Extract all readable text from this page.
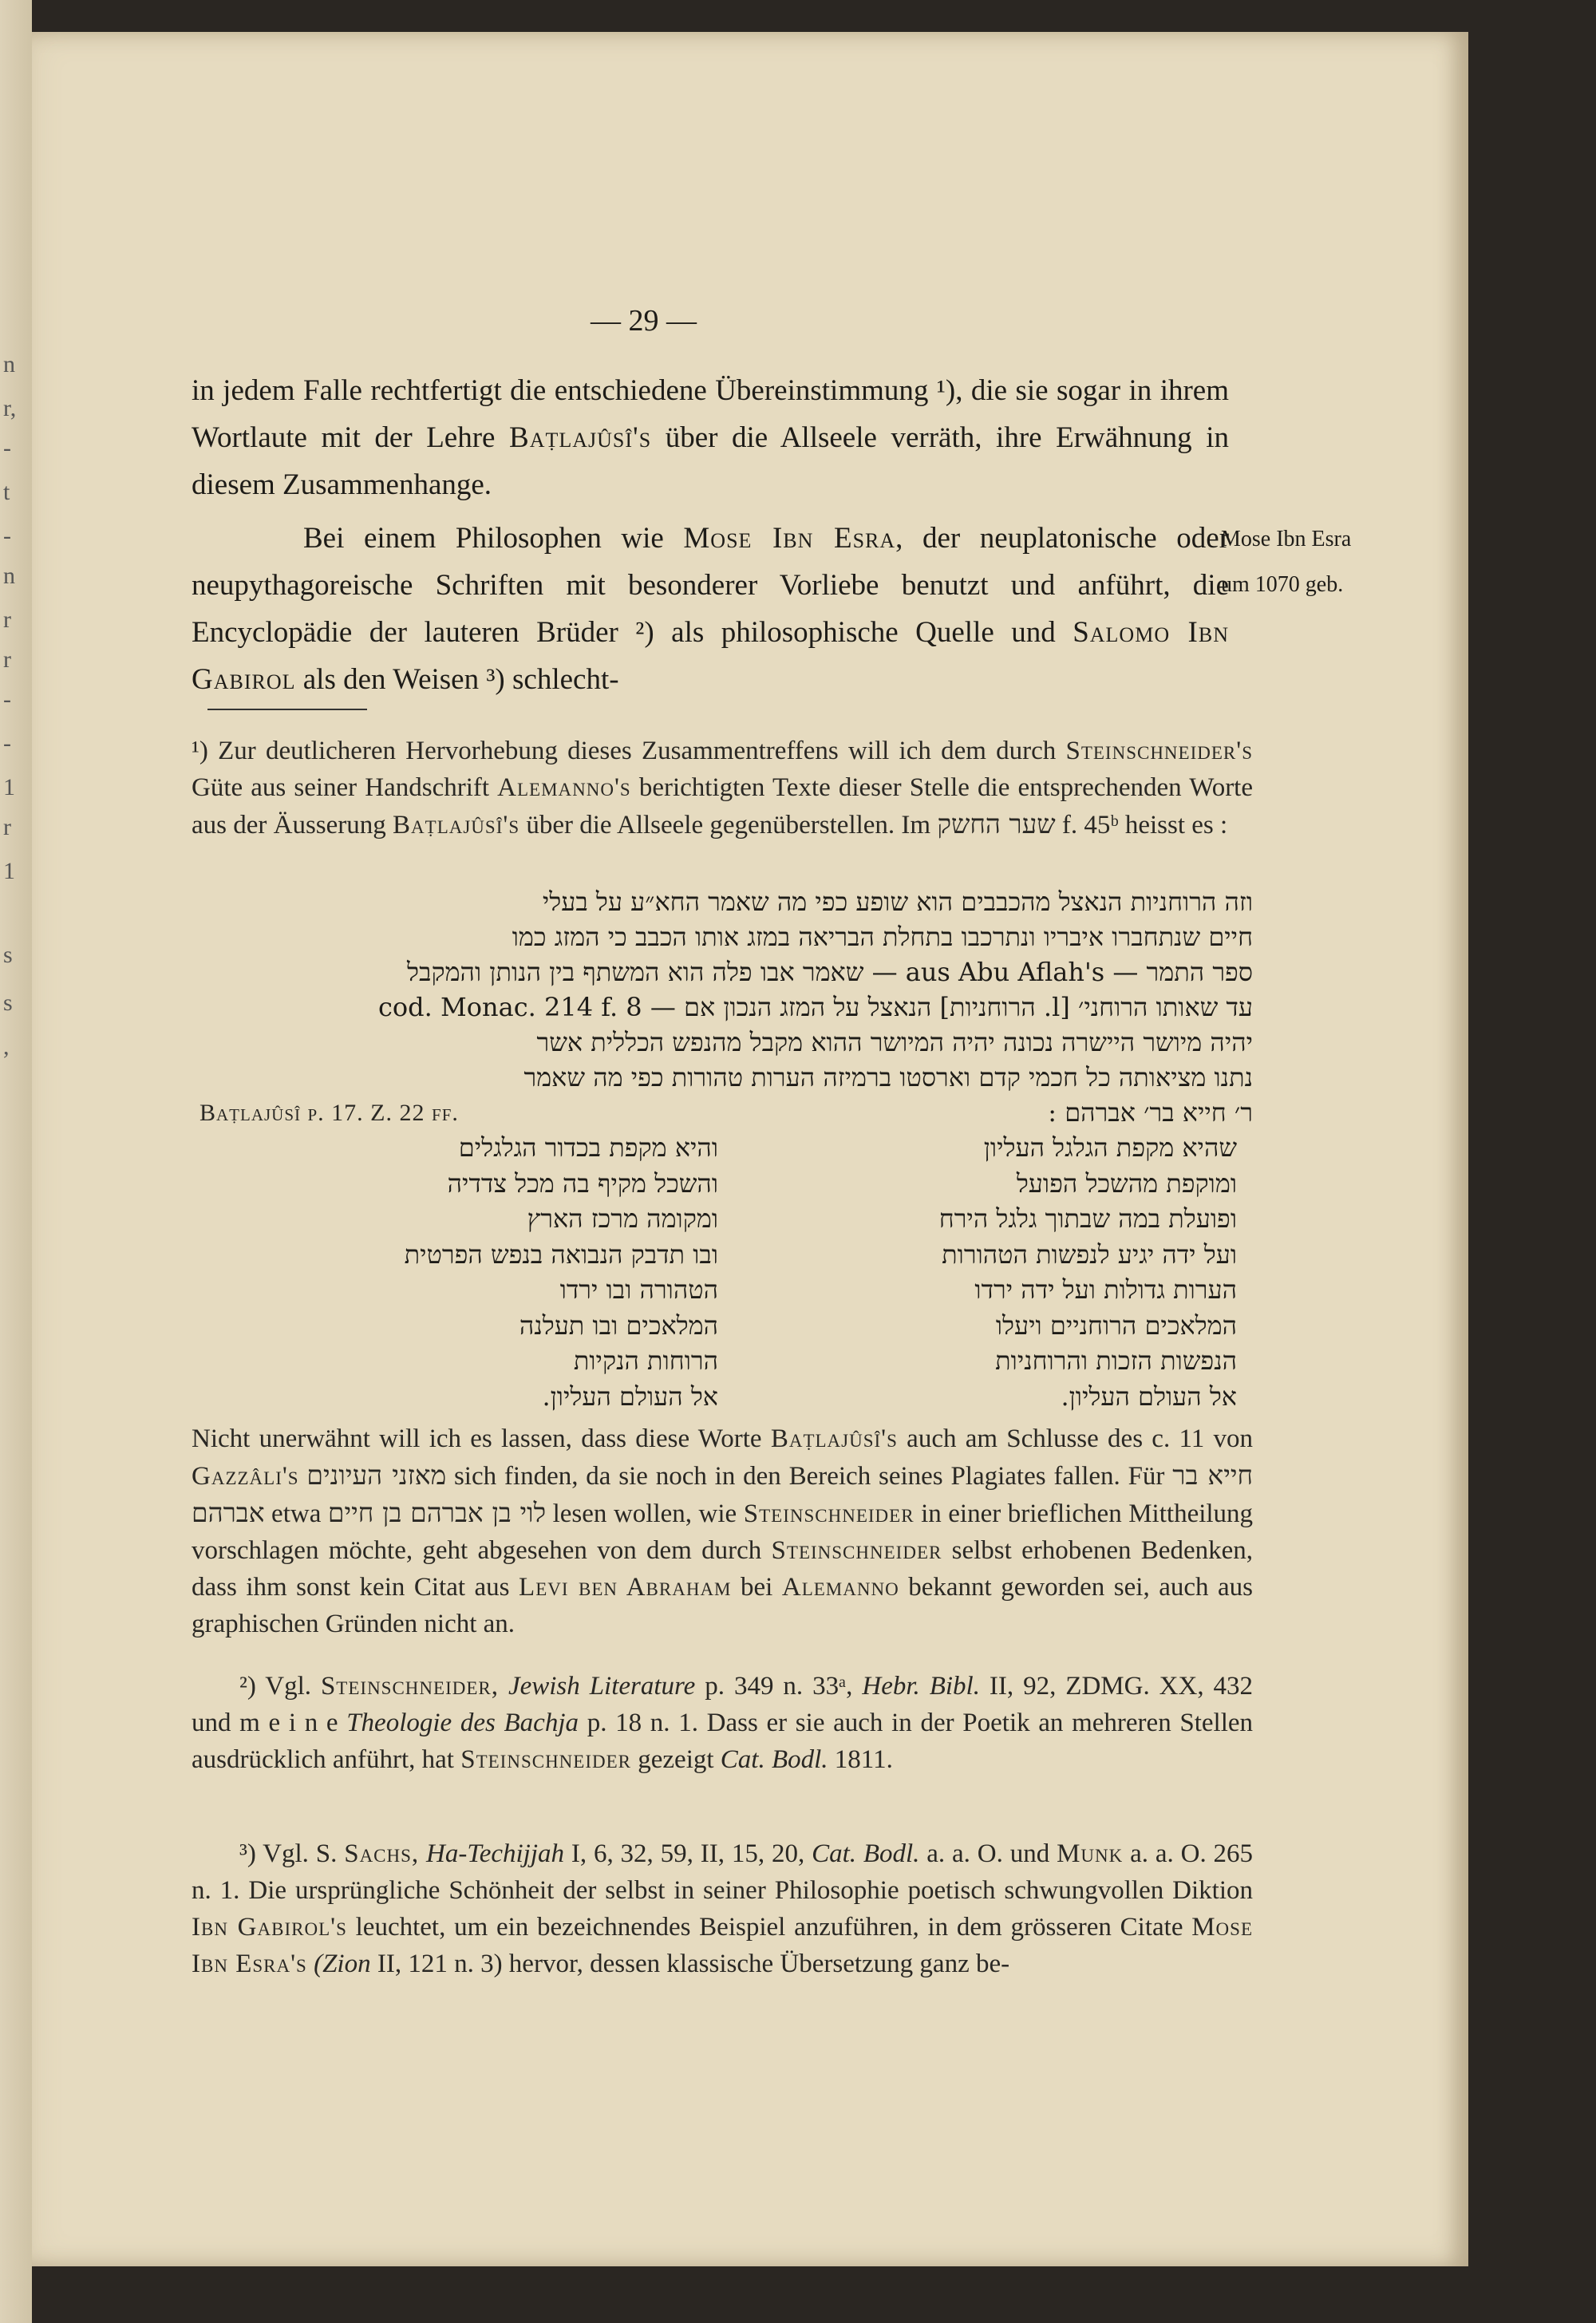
n
r,
-
t
-
n
r
r
-
-
1
r
1
s
s
,
— 29 —
in jedem Falle rechtfertigt die entschiedene Übereinstimmung ¹), die sie sogar in ihrem Wortlaute mit der Lehre Baṭlajûsî's über die Allseele verräth, ihre Erwähnung in diesem Zusammenhange.
Bei einem Philosophen wie Mose Ibn Esra, der neuplatonische oder neupythagoreische Schriften mit besonderer Vorliebe benutzt und anführt, die Encyclopädie der lauteren Brüder ²) als philosophische Quelle und Salomo Ibn Gabirol als den Weisen ³) schlecht-
Mose Ibn Esra
um 1070 geb.
¹) Zur deutlicheren Hervorhebung dieses Zusammentreffens will ich dem durch Steinschneider's Güte aus seiner Handschrift Alemanno's berichtigten Texte dieser Stelle die entsprechenden Worte aus der Äusserung Baṭlajûsî's über die Allseele gegenüberstellen. Im שער החשק f. 45ᵇ heisst es :
וזה הרוחניות הנאצל מהכבבים הוא שופע כפי מה שאמר החא״ע על בעלי
חיים שנתחברו איבריו ונתרכבו בתחלת הבריאה במזג אותו הכבב כי המזג כמו
ספר התמר — aus Abu Aflah's — שאמר אבו פלה הוא המשתף בין הנותן והמקבל
עד שאותו הרוחני׳ [l. הרוחניות] הנאצל על המזג הנכון אם — cod. Monac. 214 f. 8
יהיה מיושר היישרה נכונה יהיה המיושר ההוא מקבל מהנפש הכללית אשר
נתנו מציאותה כל חכמי קדם וארסטו ברמיזה הערות טהורות כפי מה שאמר
ר׳ חייא בר׳ אברהם :
Baṭlajûsî p. 17. Z. 22 ff.
שהיא מקפת הגלגל העליון
ומוקפת מהשכל הפועל
ופועלת במה שבתוך גלגל הירח
ועל ידה יגיע לנפשות הטהורות
הערות גדולות ועל ידה ירדו
המלאכים הרוחניים ויעלו
הנפשות הזכות והרוחניות
אל העולם העליון.
והיא מקפת בכדור הגלגלים
והשכל מקיף בה מכל צדדיה
ומקומה מרכז הארץ
ובו תדבק הנבואה בנפש הפרטית
הטהורה ובו ירדו
המלאכים ובו תעלנה
הרוחות הנקיות
אל העולם העליון.
Nicht unerwähnt will ich es lassen, dass diese Worte Baṭlajûsî's auch am Schlusse des c. 11 von Gazzâli's מאזני העיונים sich finden, da sie noch in den Bereich seines Plagiates fallen. Für חייא בר אברהם etwa לוי בן אברהם בן חיים lesen wollen, wie Steinschneider in einer brieflichen Mittheilung vorschlagen möchte, geht abgesehen von dem durch Steinschneider selbst erhobenen Bedenken, dass ihm sonst kein Citat aus Levi ben Abraham bei Alemanno bekannt geworden sei, auch aus graphischen Gründen nicht an.
²) Vgl. Steinschneider, Jewish Literature p. 349 n. 33ᵃ, Hebr. Bibl. II, 92, ZDMG. XX, 432 und m e i n e Theologie des Bachja p. 18 n. 1. Dass er sie auch in der Poetik an mehreren Stellen ausdrücklich anführt, hat Steinschneider gezeigt Cat. Bodl. 1811.
³) Vgl. S. Sachs, Ha-Techijjah I, 6, 32, 59, II, 15, 20, Cat. Bodl. a. a. O. und Munk a. a. O. 265 n. 1. Die ursprüngliche Schönheit der selbst in seiner Philosophie poetisch schwungvollen Diktion Ibn Gabirol's leuchtet, um ein bezeichnendes Beispiel anzuführen, in dem grösseren Citate Mose Ibn Esra's (Zion II, 121 n. 3) hervor, dessen klassische Übersetzung ganz be-
